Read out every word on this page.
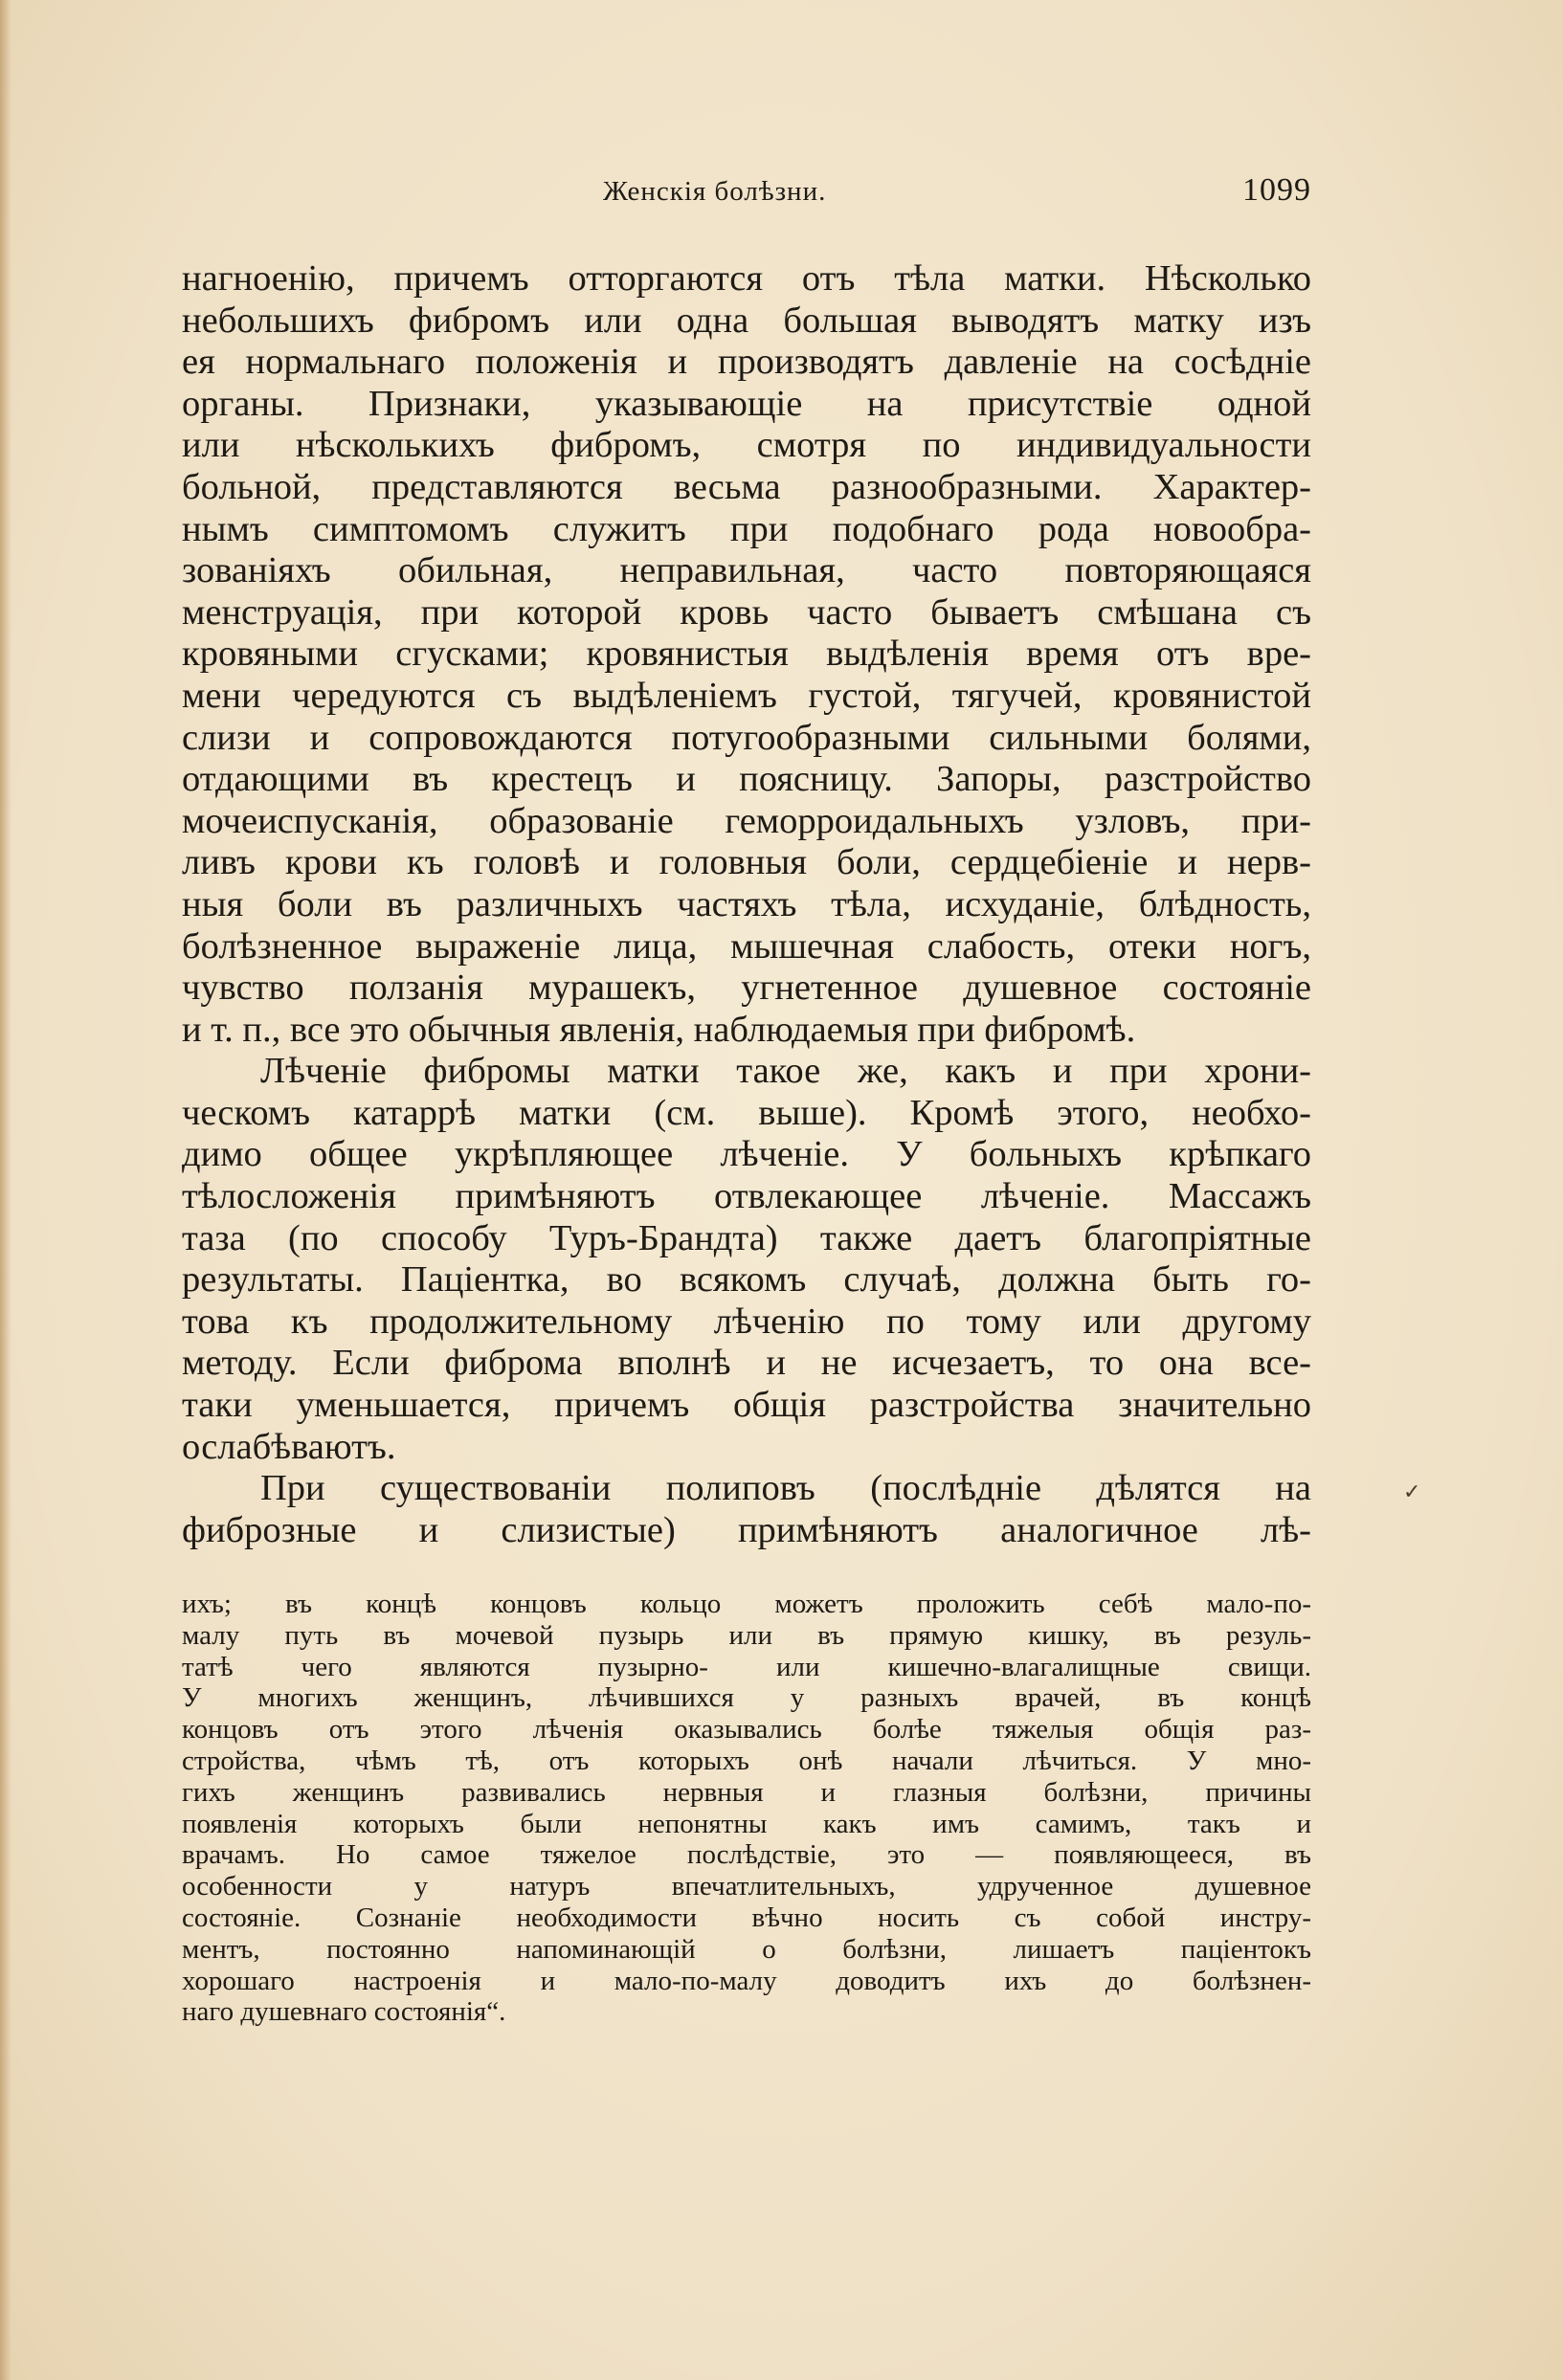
Женскія болѣзни.	1099
нагноенію, причемъ отторгаются отъ тѣла матки. Нѣсколько
небольшихъ фибромъ или одна большая выводятъ матку изъ
ея нормальнаго положенія и производятъ давленіе на сосѣдніе
органы. Признаки, указывающіе на присутствіе одной
или нѣсколькихъ фибромъ, смотря по индивидуальности
больной, представляются весьма разнообразными. Характер-
нымъ симптомомъ служитъ при подобнаго рода новообра-
зованіяхъ обильная, неправильная, часто повторяющаяся
менструація, при которой кровь часто бываетъ смѣшана съ
кровяными сгусками; кровянистыя выдѣленія время отъ вре-
мени чередуются съ выдѣленіемъ густой, тягучей, кровянистой
слизи и сопровождаются потугообразными сильными болями,
отдающими въ крестецъ и поясницу. Запоры, разстройство
мочеиспусканія, образованіе геморроидальныхъ узловъ, при-
ливъ крови къ головѣ и головныя боли, сердцебіеніе и нерв-
ныя боли въ различныхъ частяхъ тѣла, исхуданіе, блѣдность,
болѣзненное выраженіе лица, мышечная слабость, отеки ногъ,
чувство ползанія мурашекъ, угнетенное душевное состояніе
и т. п., все это обычныя явленія, наблюдаемыя при фибромѣ.
Лѣченіе фибромы матки такое же, какъ и при хрони-
ческомъ катаррѣ матки (см. выше). Кромѣ этого, необхо-
димо общее укрѣпляющее лѣченіе. У больныхъ крѣпкаго
тѣлосложенія примѣняютъ отвлекающее лѣченіе. Массажъ
таза (по способу Туръ-Брандта) также даетъ благопріятные
результаты. Паціентка, во всякомъ случаѣ, должна быть го-
това къ продолжительному лѣченію по тому или другому
методу. Если фиброма вполнѣ и не исчезаетъ, то она все-
таки уменьшается, причемъ общія разстройства значительно
ослабѣваютъ.
При существованіи полиповъ (послѣдніе дѣлятся на
фиброзные и слизистые) примѣняютъ аналогичное лѣ-
✓
ихъ; въ концѣ концовъ кольцо можетъ проложить себѣ мало-по-
малу путь въ мочевой пузырь или въ прямую кишку, въ резуль-
татѣ чего являются пузырно- или кишечно-влагалищные свищи.
У многихъ женщинъ, лѣчившихся у разныхъ врачей, въ концѣ
концовъ отъ этого лѣченія оказывались болѣе тяжелыя общія раз-
стройства, чѣмъ тѣ, отъ которыхъ онѣ начали лѣчиться. У мно-
гихъ женщинъ развивались нервныя и глазныя болѣзни, причины
появленія которыхъ были непонятны какъ имъ самимъ, такъ и
врачамъ. Но самое тяжелое послѣдствіе, это — появляющееся, въ
особенности у натуръ впечатлительныхъ, удрученное душевное
состояніе. Сознаніе необходимости вѣчно носить съ собой инстру-
ментъ, постоянно напоминающій о болѣзни, лишаетъ паціентокъ
хорошаго настроенія и мало-по-малу доводитъ ихъ до болѣзнен-
наго душевнаго состоянія“.
